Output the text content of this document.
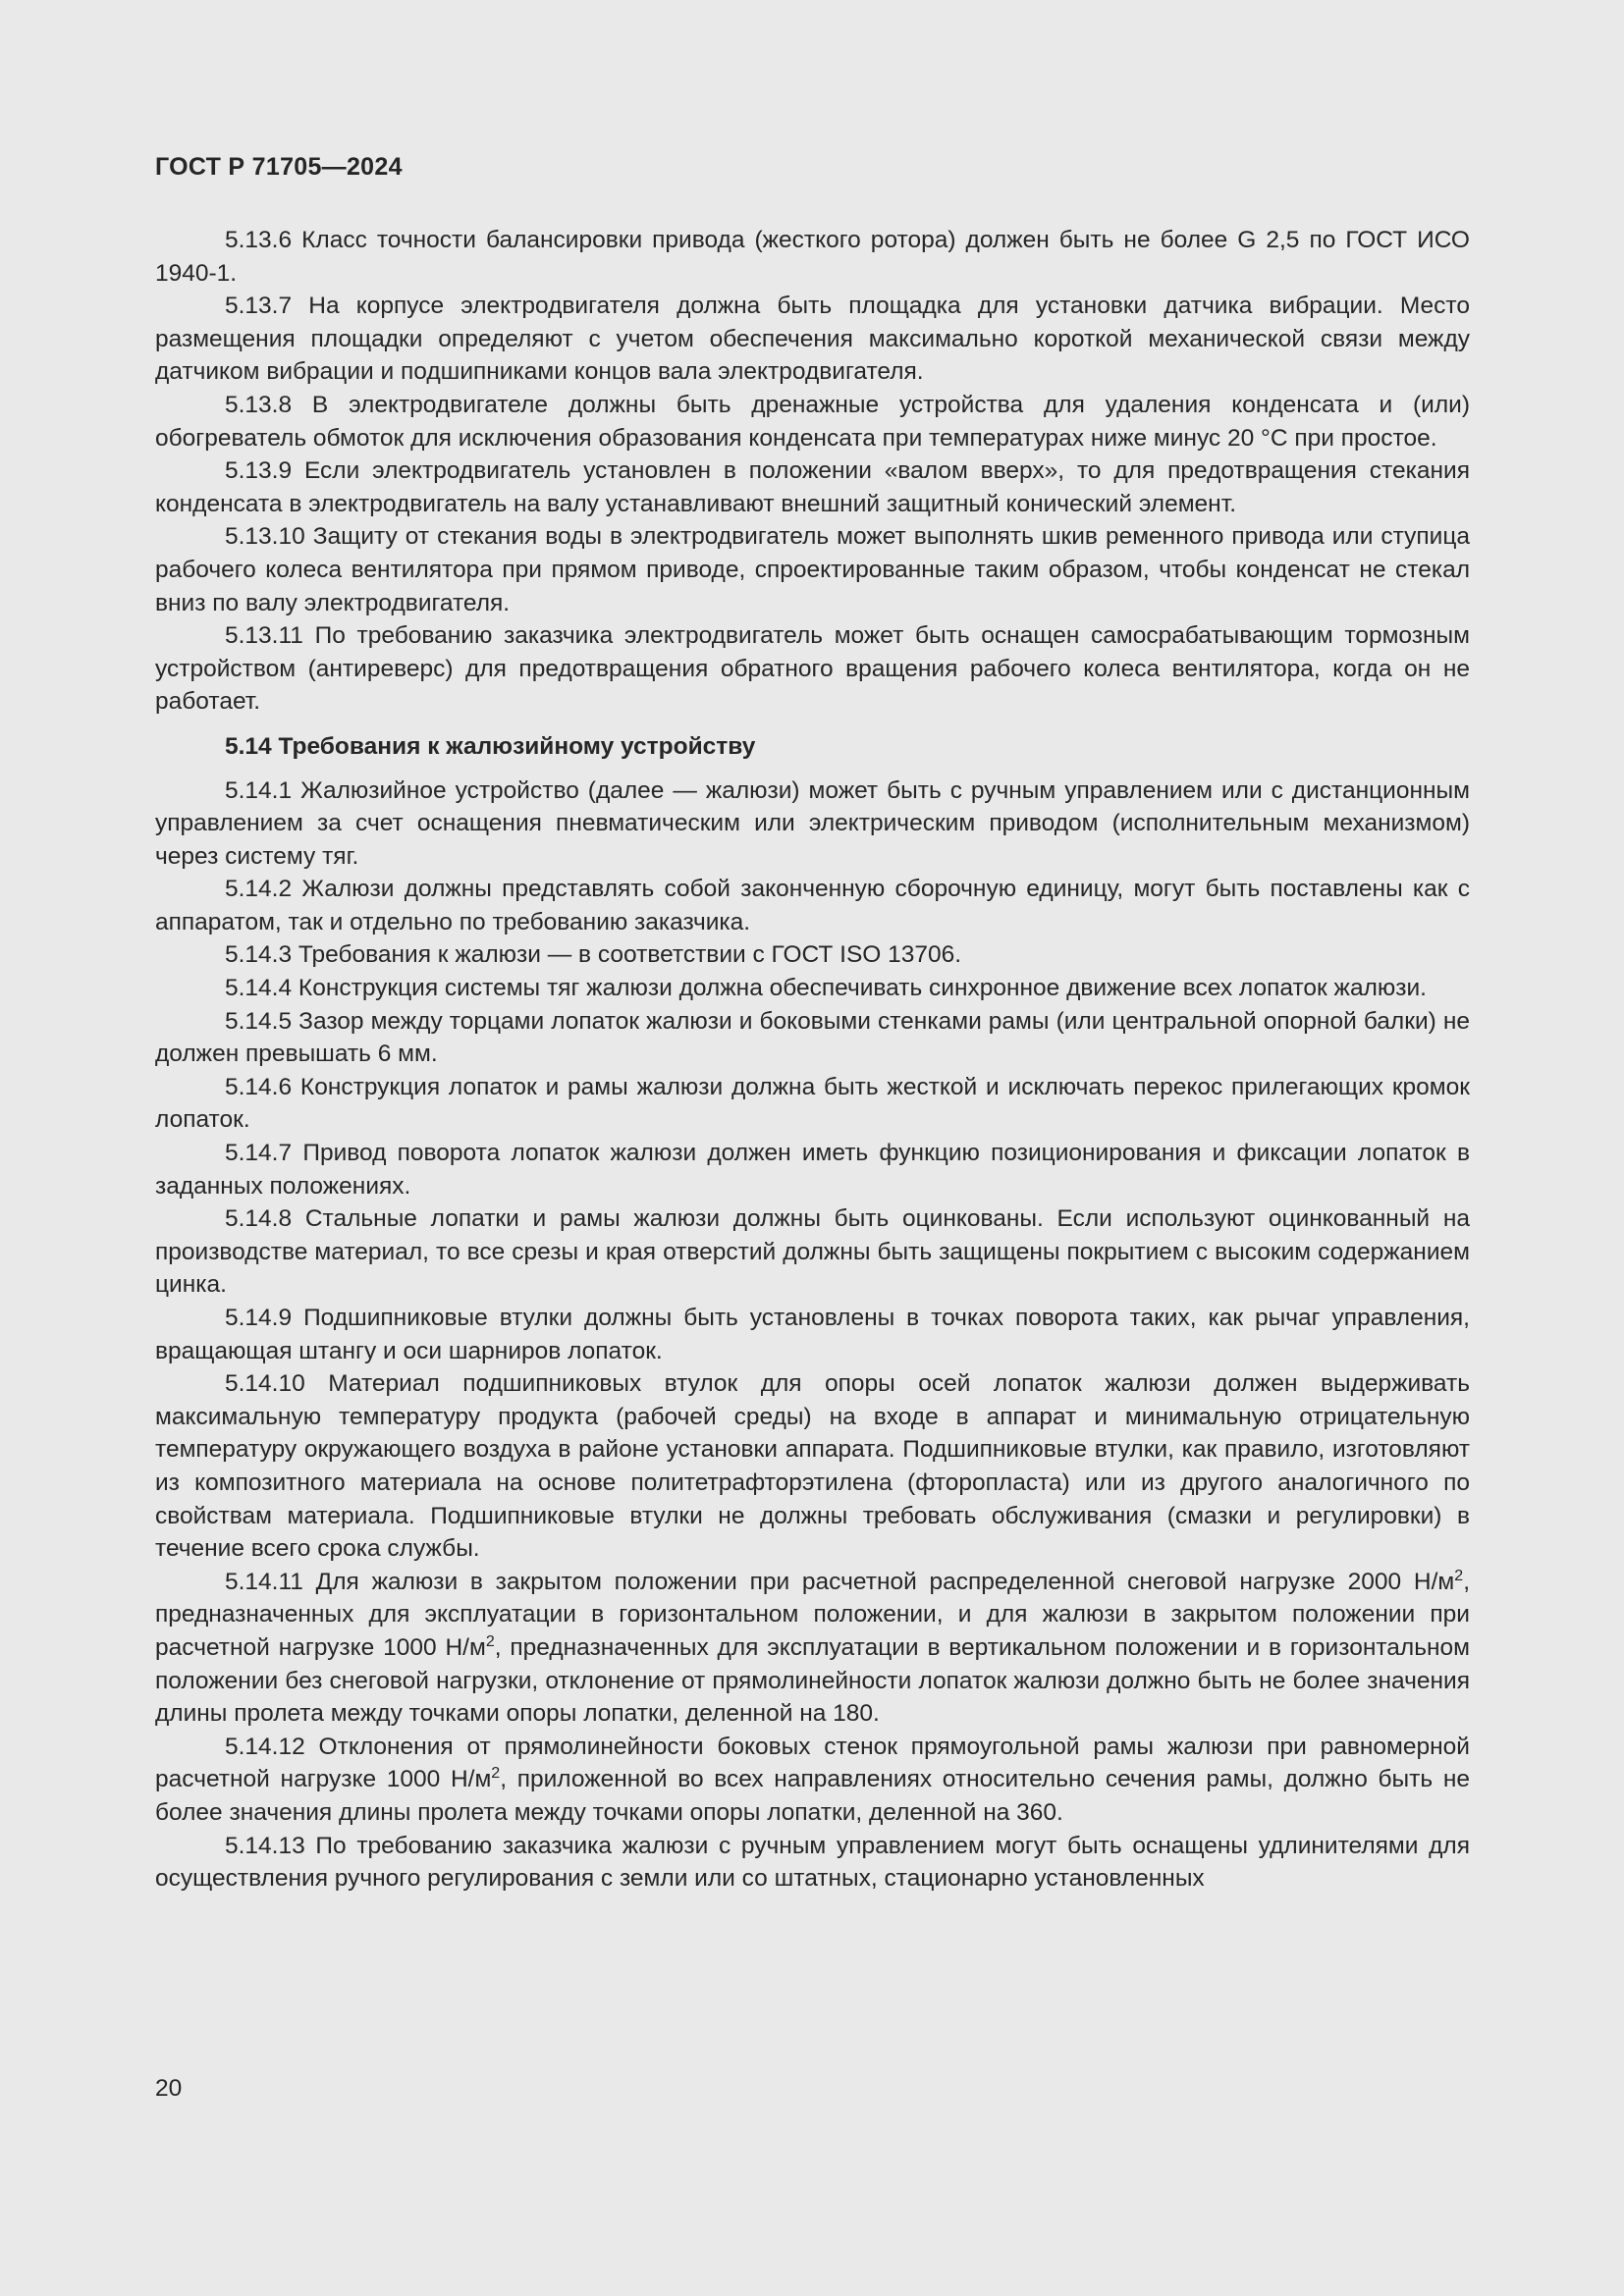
ГОСТ Р 71705—2024

5.13.6 Класс точности балансировки привода (жесткого ротора) должен быть не более G 2,5 по ГОСТ ИСО 1940-1.

5.13.7 На корпусе электродвигателя должна быть площадка для установки датчика вибрации. Место размещения площадки определяют с учетом обеспечения максимально короткой механической связи между датчиком вибрации и подшипниками концов вала электродвигателя.

5.13.8 В электродвигателе должны быть дренажные устройства для удаления конденсата и (или) обогреватель обмоток для исключения образования конденсата при температурах ниже минус 20 °С при простое.

5.13.9 Если электродвигатель установлен в положении «валом вверх», то для предотвращения стекания конденсата в электродвигатель на валу устанавливают внешний защитный конический элемент.

5.13.10 Защиту от стекания воды в электродвигатель может выполнять шкив ременного привода или ступица рабочего колеса вентилятора при прямом приводе, спроектированные таким образом, чтобы конденсат не стекал вниз по валу электродвигателя.

5.13.11 По требованию заказчика электродвигатель может быть оснащен самосрабатывающим тормозным устройством (антиреверс) для предотвращения обратного вращения рабочего колеса вентилятора, когда он не работает.

5.14 Требования к жалюзийному устройству

5.14.1 Жалюзийное устройство (далее — жалюзи) может быть с ручным управлением или с дистанционным управлением за счет оснащения пневматическим или электрическим приводом (исполнительным механизмом) через систему тяг.

5.14.2 Жалюзи должны представлять собой законченную сборочную единицу, могут быть поставлены как с аппаратом, так и отдельно по требованию заказчика.

5.14.3 Требования к жалюзи — в соответствии с ГОСТ ISO 13706.

5.14.4 Конструкция системы тяг жалюзи должна обеспечивать синхронное движение всех лопаток жалюзи.

5.14.5 Зазор между торцами лопаток жалюзи и боковыми стенками рамы (или центральной опорной балки) не должен превышать 6 мм.

5.14.6 Конструкция лопаток и рамы жалюзи должна быть жесткой и исключать перекос прилегающих кромок лопаток.

5.14.7 Привод поворота лопаток жалюзи должен иметь функцию позиционирования и фиксации лопаток в заданных положениях.

5.14.8 Стальные лопатки и рамы жалюзи должны быть оцинкованы. Если используют оцинкованный на производстве материал, то все срезы и края отверстий должны быть защищены покрытием с высоким содержанием цинка.

5.14.9 Подшипниковые втулки должны быть установлены в точках поворота таких, как рычаг управления, вращающая штангу и оси шарниров лопаток.

5.14.10 Материал подшипниковых втулок для опоры осей лопаток жалюзи должен выдерживать максимальную температуру продукта (рабочей среды) на входе в аппарат и минимальную отрицательную температуру окружающего воздуха в районе установки аппарата. Подшипниковые втулки, как правило, изготовляют из композитного материала на основе политетрафторэтилена (фторопласта) или из другого аналогичного по свойствам материала. Подшипниковые втулки не должны требовать обслуживания (смазки и регулировки) в течение всего срока службы.

5.14.11 Для жалюзи в закрытом положении при расчетной распределенной снеговой нагрузке 2000 $Н/м^2$, предназначенных для эксплуатации в горизонтальном положении, и для жалюзи в закрытом положении при расчетной нагрузке 1000 $Н/м^2$, предназначенных для эксплуатации в вертикальном положении и в горизонтальном положении без снеговой нагрузки, отклонение от прямолинейности лопаток жалюзи должно быть не более значения длины пролета между точками опоры лопатки, деленной на 180.

5.14.12 Отклонения от прямолинейности боковых стенок прямоугольной рамы жалюзи при равномерной расчетной нагрузке 1000 $Н/м^2$, приложенной во всех направлениях относительно сечения рамы, должно быть не более значения длины пролета между точками опоры лопатки, деленной на 360.

5.14.13 По требованию заказчика жалюзи с ручным управлением могут быть оснащены удлинителями для осуществления ручного регулирования с земли или со штатных, стационарно установленных

20
